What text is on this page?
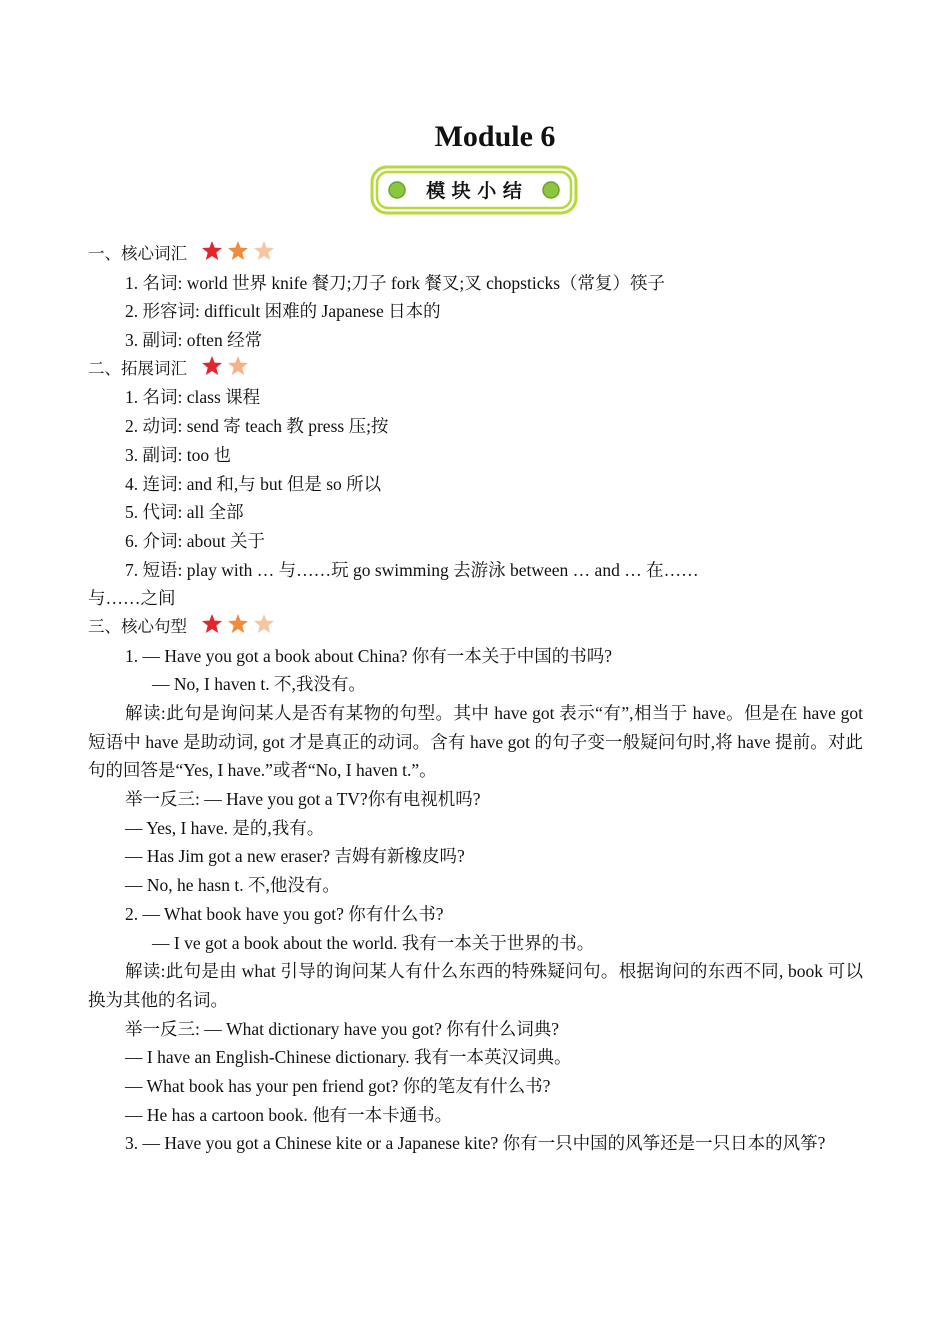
Module 6
模 块 小 结
一、核心词汇
1. 名词: world 世界 knife 餐刀;刀子 fork 餐叉;叉 chopsticks（常复）筷子
2. 形容词: difficult 困难的 Japanese 日本的
3. 副词: often 经常
二、拓展词汇
1. 名词: class 课程
2. 动词: send 寄 teach 教 press 压;按
3. 副词: too 也
4. 连词: and 和,与 but 但是 so 所以
5. 代词: all 全部
6. 介词: about 关于
7. 短语: play with … 与……玩 go swimming 去游泳 between … and … 在……
与……之间
三、核心句型
1. — Have you got a book about China? 你有一本关于中国的书吗?
— No, I haven t. 不,我没有。
解读:此句是询问某人是否有某物的句型。其中 have got 表示“有”,相当于 have。但是在 have got 短语中 have 是助动词, got 才是真正的动词。含有 have got 的句子变一般疑问句时,将 have 提前。对此句的回答是“Yes, I have.”或者“No, I haven t.”。
举一反三: — Have you got a TV?你有电视机吗?
— Yes, I have. 是的,我有。
— Has Jim got a new eraser? 吉姆有新橡皮吗?
— No, he hasn t. 不,他没有。
2. — What book have you got? 你有什么书?
— I ve got a book about the world. 我有一本关于世界的书。
解读:此句是由 what 引导的询问某人有什么东西的特殊疑问句。根据询问的东西不同, book 可以换为其他的名词。
举一反三: — What dictionary have you got? 你有什么词典?
— I have an English-Chinese dictionary. 我有一本英汉词典。
— What book has your pen friend got? 你的笔友有什么书?
— He has a cartoon book. 他有一本卡通书。
3. — Have you got a Chinese kite or a Japanese kite? 你有一只中国的风筝还是一只日本的风筝?
